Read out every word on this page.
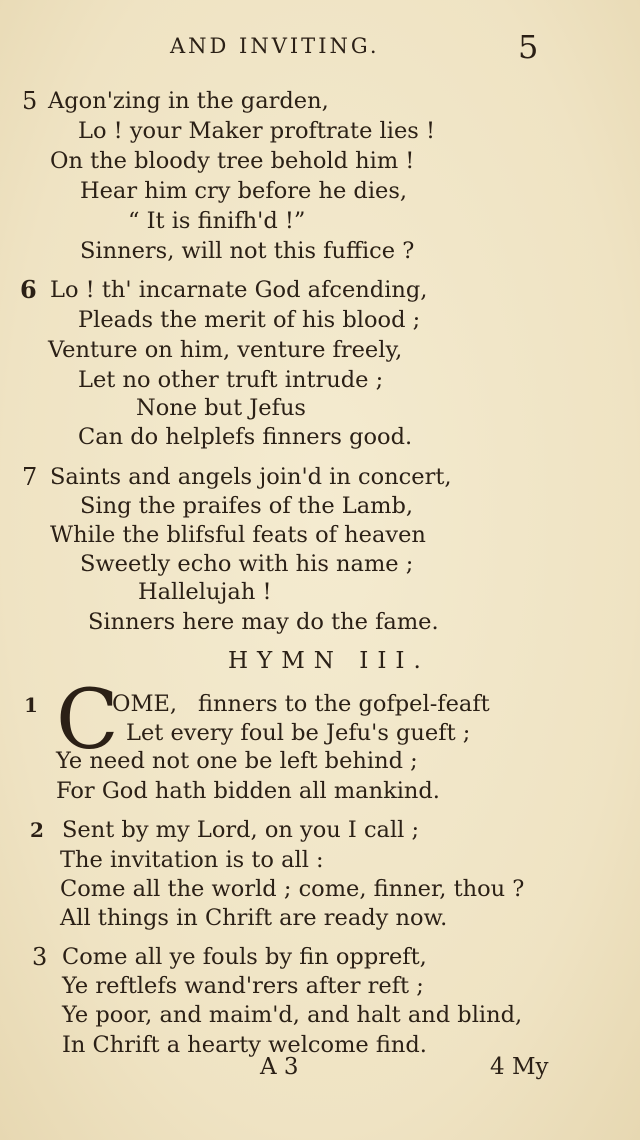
AND INVITING.	5
5 Agon'zing in the garden,
Lo ! your Maker proftrate lies !
On the bloody tree behold him !
Hear him cry before he dies,
“ It is finifh'd !”
Sinners, will not this fuffice ?
6 Lo ! th' incarnate God afcending,
Pleads the merit of his blood ;
Venture on him, venture freely,
Let no other truft intrude ;
None but Jefus
Can do helplefs finners good.
7 Saints and angels join'd in concert,
Sing the praifes of the Lamb,
While the blifsful feats of heaven
Sweetly echo with his name ;
Hallelujah !
Sinners here may do the fame.
HYMN III.
1 C
OME, finners to the gofpel-feaft
Let every foul be Jefu's gueft ;
Ye need not one be left behind ;
For God hath bidden all mankind.
2 Sent by my Lord, on you I call ;
The invitation is to all :
Come all the world ; come, finner, thou ?
All things in Chrift are ready now.
3 Come all ye fouls by fin oppreft,
Ye reftlefs wand'rers after reft ;
Ye poor, and maim'd, and halt and blind,
In Chrift a hearty welcome find.
A 3	4 My
